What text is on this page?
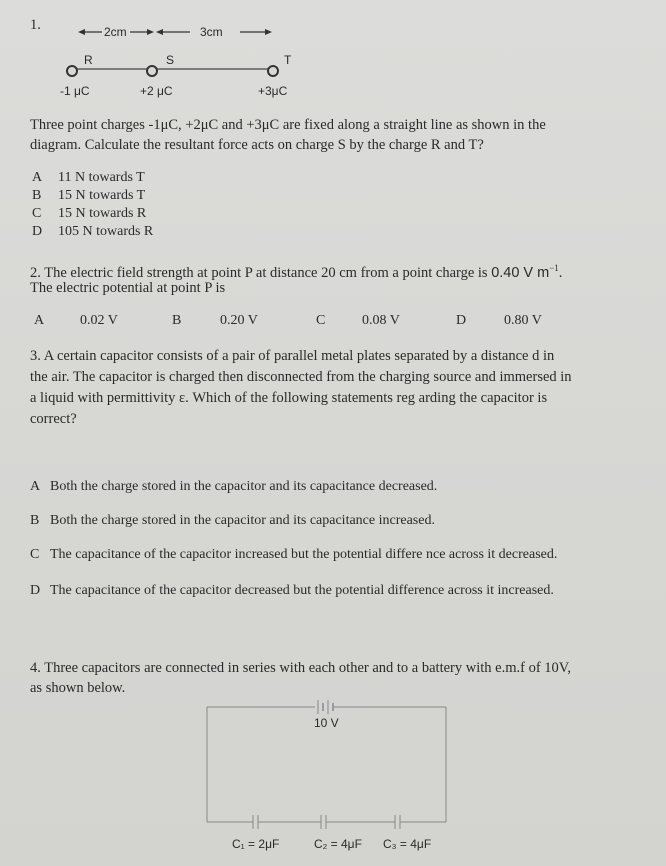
1.	2cm	3cm
R	S	T
-1 μC	+2 μC	+3μC
Three point charges -1μC, +2μC and +3μC are fixed along a straight line as shown in the
diagram. Calculate the resultant force acts on charge S by the charge R and T?
A 11 N towards T
B 15 N towards T
C 15 N towards R
D 105 N towards R
2. The electric field strength at point P at distance 20 cm from a point charge is 0.40 V $m^{-1}$.
The electric potential at point P is
A	0.02 V	B	0.20 V	C	0.08 V	D	0.80 V
3. A certain capacitor consists of a pair of parallel metal plates separated by a distance d in
the air. The capacitor is charged then disconnected from the charging source and immersed in
a liquid with permittivity ε. Which of the following statements reg arding the capacitor is
correct?
A Both the charge stored in the capacitor and its capacitance decreased.
B Both the charge stored in the capacitor and its capacitance increased.
C The capacitance of the capacitor increased but the potential differe nce across it decreased.
D The capacitance of the capacitor decreased but the potential difference across it increased.
4. Three capacitors are connected in series with each other and to a battery with e.m.f of 10V,
as shown below.
10 V
C₁ = 2μF	C₂ = 4μF C₃ = 4μF
